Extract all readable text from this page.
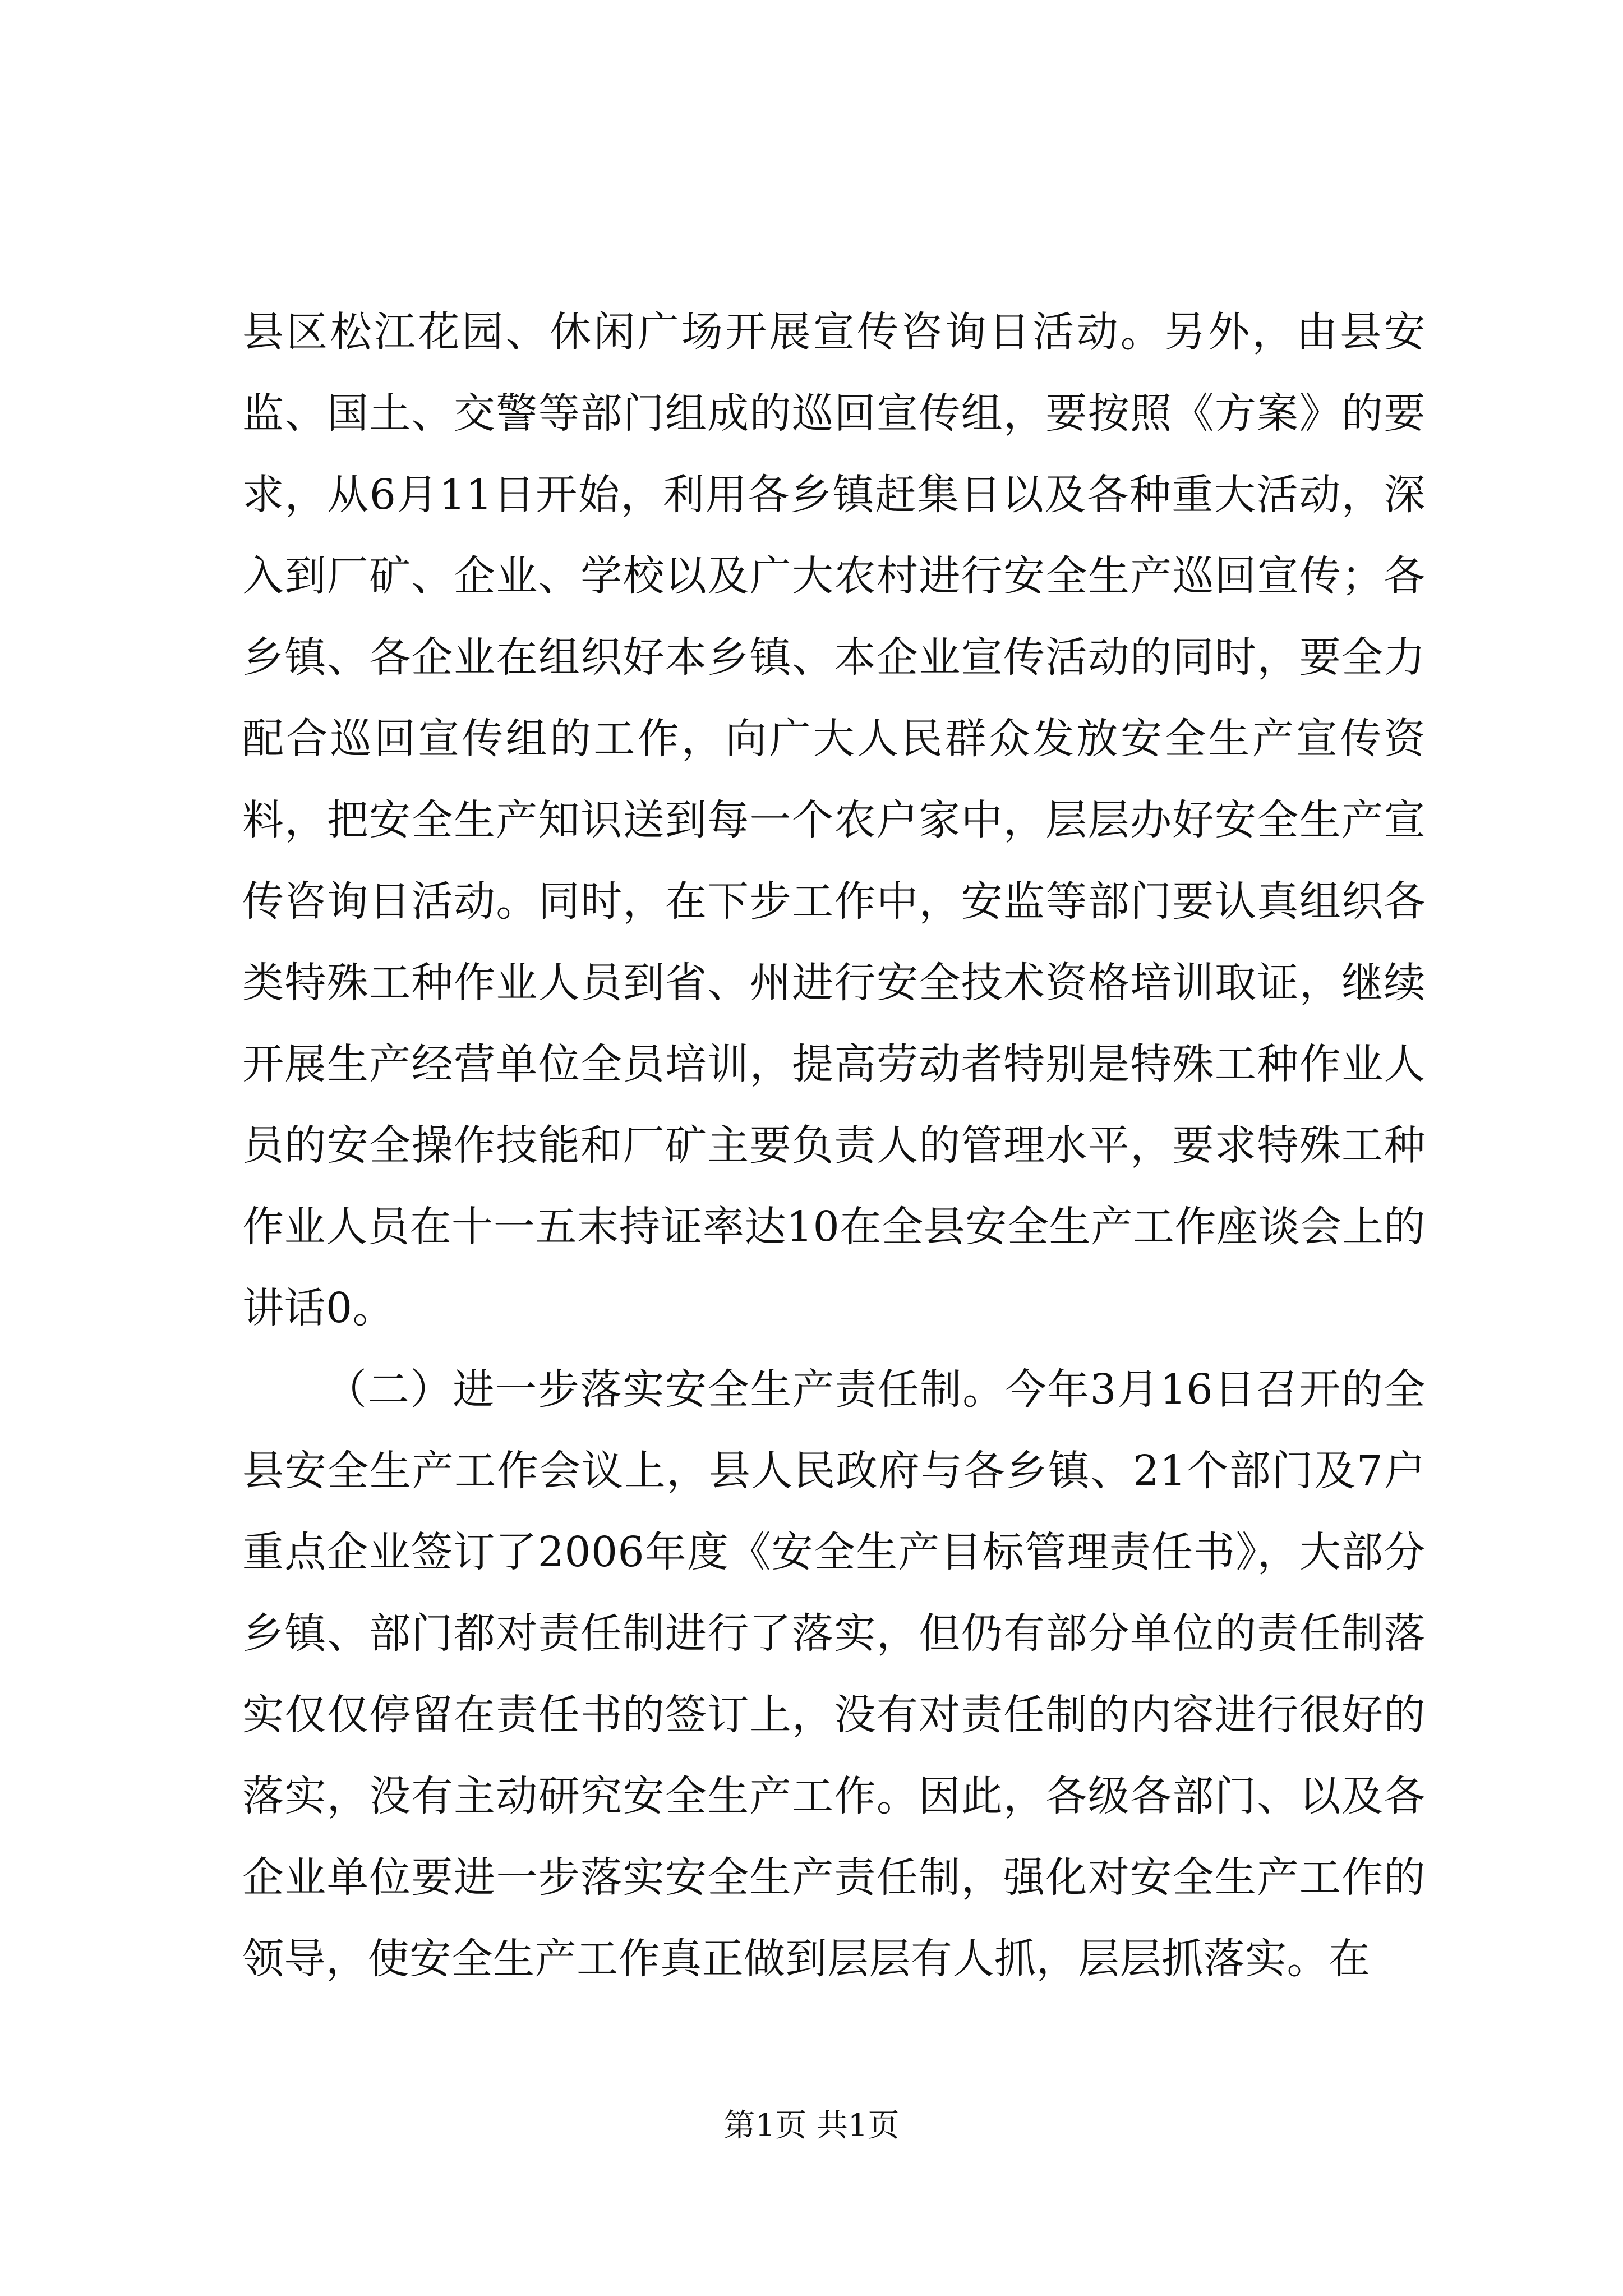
县区松江花园、休闲广场开展宣传咨询日活动。另外，由县安监、国土、交警等部门组成的巡回宣传组，要按照《方案》的要求，从6月11日开始，利用各乡镇赶集日以及各种重大活动，深入到厂矿、企业、学校以及广大农村进行安全生产巡回宣传；各乡镇、各企业在组织好本乡镇、本企业宣传活动的同时，要全力配合巡回宣传组的工作，向广大人民群众发放安全生产宣传资料，把安全生产知识送到每一个农户家中，层层办好安全生产宣传咨询日活动。同时，在下步工作中，安监等部门要认真组织各类特殊工种作业人员到省、州进行安全技术资格培训取证，继续开展生产经营单位全员培训，提高劳动者特别是特殊工种作业人员的安全操作技能和厂矿主要负责人的管理水平，要求特殊工种作业人员在十一五末持证率达10在全县安全生产工作座谈会上的讲话0。

（二）进一步落实安全生产责任制。今年3月16日召开的全县安全生产工作会议上，县人民政府与各乡镇、21个部门及7户重点企业签订了2006年度《安全生产目标管理责任书》，大部分乡镇、部门都对责任制进行了落实，但仍有部分单位的责任制落实仅仅停留在责任书的签订上，没有对责任制的内容进行很好的落实，没有主动研究安全生产工作。因此，各级各部门、以及各企业单位要进一步落实安全生产责任制，强化对安全生产工作的领导，使安全生产工作真正做到层层有人抓，层层抓落实。在

第1页 共1页
